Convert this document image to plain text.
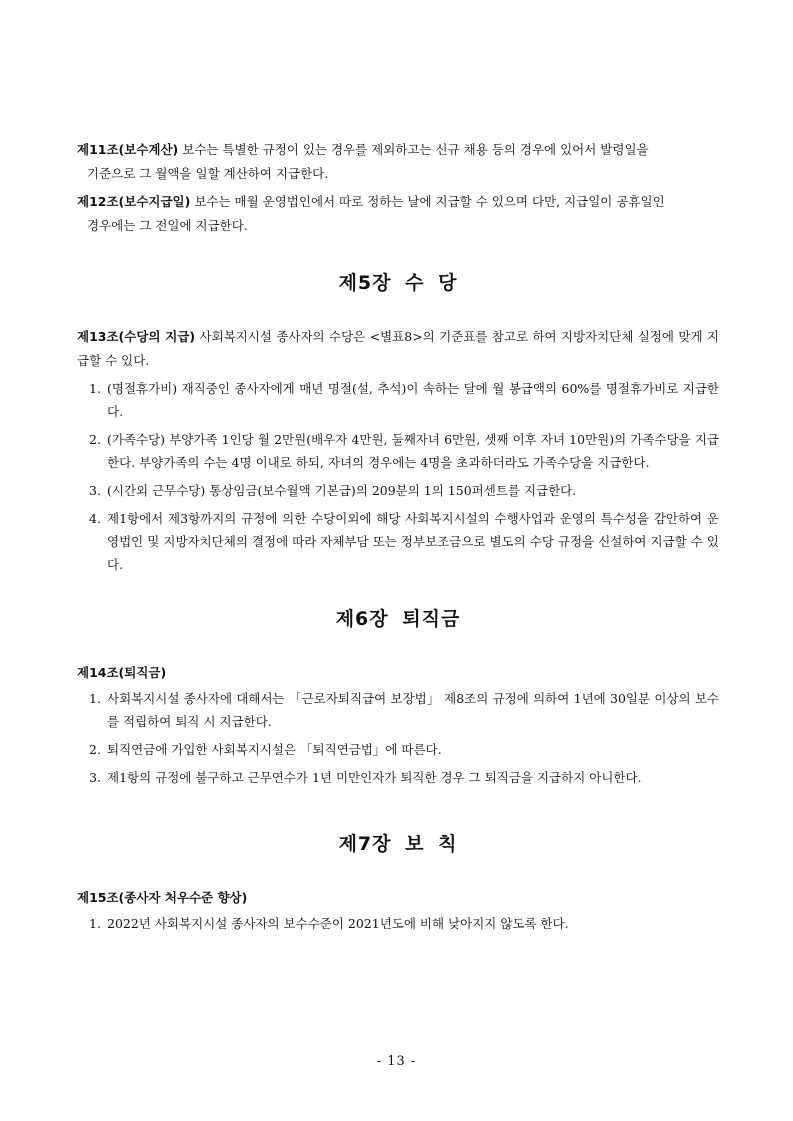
제11조(보수계산) 보수는 특별한 규정이 있는 경우를 제외하고는 신규 채용 등의 경우에 있어서 발령일을
기준으로 그 월액을 일할 계산하여 지급한다.
제12조(보수지급일) 보수는 매월 운영법인에서 따로 정하는 날에 지급할 수 있으며 다만, 지급일이 공휴일인
경우에는 그 전일에 지급한다.
제5장 수 당
제13조(수당의 지급) 사회복지시설 종사자의 수당은 <별표8>의 기준표를 참고로 하여 지방자치단체 실정에 맞게 지급할 수 있다.
1. (명절휴가비) 재직중인 종사자에게 매년 명절(설, 추석)이 속하는 달에 월 봉급액의 60%를 명절휴가비로 지급한다.
2. (가족수당) 부양가족 1인당 월 2만원(배우자 4만원, 둘째자녀 6만원, 셋째 이후 자녀 10만원)의 가족수당을 지급한다. 부양가족의 수는 4명 이내로 하되, 자녀의 경우에는 4명을 초과하더라도 가족수당을 지급한다.
3. (시간외 근무수당) 통상임금(보수월액 기본급)의 209분의 1의 150퍼센트를 지급한다.
4. 제1항에서 제3항까지의 규정에 의한 수당이외에 해당 사회복지시설의 수행사업과 운영의 특수성을 감안하여 운영법인 및 지방자치단체의 결정에 따라 자체부담 또는 정부보조금으로 별도의 수당 규정을 신설하여 지급할 수 있다.
제6장 퇴직금
제14조(퇴직금)
1. 사회복지시설 종사자에 대해서는 「근로자퇴직급여 보장법」 제8조의 규정에 의하여 1년에 30일분 이상의 보수를 적립하여 퇴직 시 지급한다.
2. 퇴직연금에 가입한 사회복지시설은 「퇴직연금법」에 따른다.
3. 제1항의 규정에 불구하고 근무연수가 1년 미만인자가 퇴직한 경우 그 퇴직금을 지급하지 아니한다.
제7장 보 칙
제15조(종사자 처우수준 향상)
1. 2022년 사회복지시설 종사자의 보수수준이 2021년도에 비해 낮아지지 않도록 한다.
- 13 -
